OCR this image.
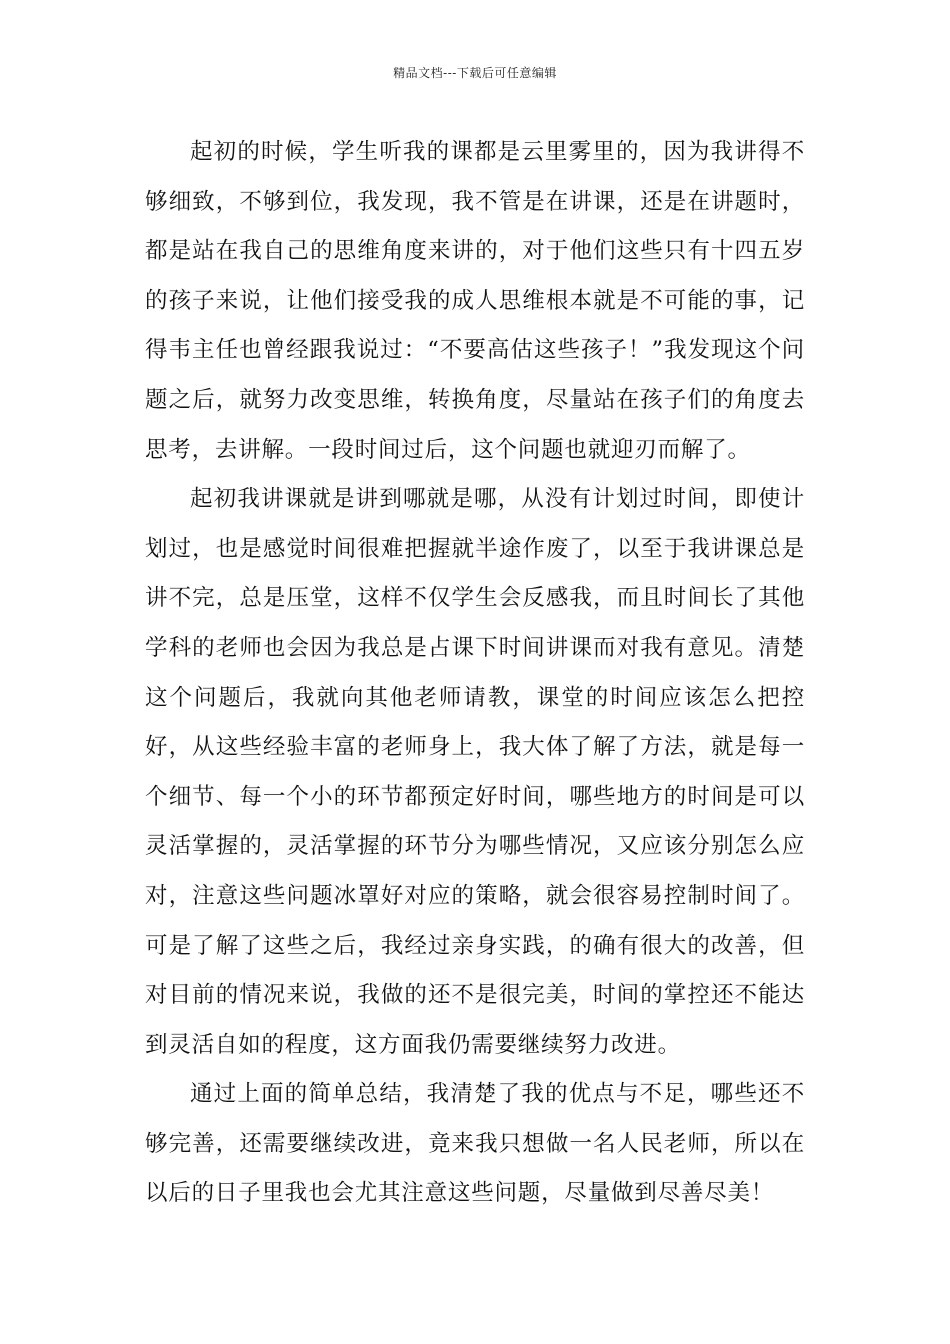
精品文档---下载后可任意编辑

起初的时候，学生听我的课都是云里雾里的，因为我讲得不够细致，不够到位，我发现，我不管是在讲课，还是在讲题时，都是站在我自己的思维角度来讲的，对于他们这些只有十四五岁的孩子来说，让他们接受我的成人思维根本就是不可能的事，记得韦主任也曾经跟我说过：“不要高估这些孩子！”我发现这个问题之后，就努力改变思维，转换角度，尽量站在孩子们的角度去思考，去讲解。一段时间过后，这个问题也就迎刃而解了。

起初我讲课就是讲到哪就是哪，从没有计划过时间，即使计划过，也是感觉时间很难把握就半途作废了，以至于我讲课总是讲不完，总是压堂，这样不仅学生会反感我，而且时间长了其他学科的老师也会因为我总是占课下时间讲课而对我有意见。清楚这个问题后，我就向其他老师请教，课堂的时间应该怎么把控好，从这些经验丰富的老师身上，我大体了解了方法，就是每一个细节、每一个小的环节都预定好时间，哪些地方的时间是可以灵活掌握的，灵活掌握的环节分为哪些情况，又应该分别怎么应对，注意这些问题冰罩好对应的策略，就会很容易控制时间了。可是了解了这些之后，我经过亲身实践，的确有很大的改善，但对目前的情况来说，我做的还不是很完美，时间的掌控还不能达到灵活自如的程度，这方面我仍需要继续努力改进。

通过上面的简单总结，我清楚了我的优点与不足，哪些还不够完善，还需要继续改进，竟来我只想做一名人民老师，所以在以后的日子里我也会尤其注意这些问题，尽量做到尽善尽美！
